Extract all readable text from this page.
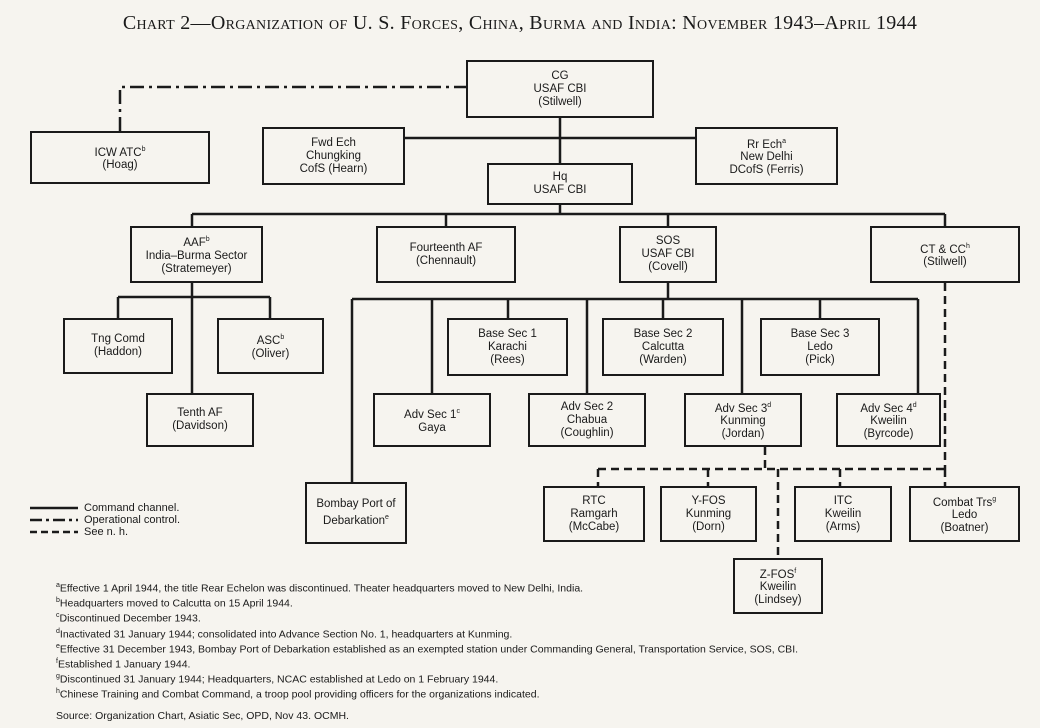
Chart 2—Organization of U. S. Forces, China, Burma and India: November 1943–April 1944
CG
USAF CBI
(Stilwell)
ICW ATC$^b$
(Hoag)
Fwd Ech
Chungking
CofS (Hearn)
Rr Ech$^a$
New Delhi
DCofS (Ferris)
Hq
USAF CBI
AAF$^b$
India–Burma Sector
(Stratemeyer)
Fourteenth AF
(Chennault)
SOS
USAF CBI
(Covell)
CT & $CC^h$
(Stilwell)
Tng Comd
(Haddon)
ASC$^b$
(Oliver)
Tenth AF
(Davidson)
Base Sec 1
Karachi
(Rees)
Base Sec 2
Calcutta
(Warden)
Base Sec 3
Ledo
(Pick)
Adv Sec 1$^c$
Gaya
Adv Sec 2
Chabua
(Coughlin)
Adv Sec 3$^d$
Kunming
(Jordan)
Adv Sec 4$^d$
Kweilin
(Byrcode)
Bombay Port of
Debarkation$^e$
RTC
Ramgarh
(McCabe)
Y-FOS
Kunming
(Dorn)
ITC
Kweilin
(Arms)
Combat Trs$^g$
Ledo
(Boatner)
Z-FOS$^f$
Kweilin
(Lindsey)
Command channel.
Operational control.
See n. h.
$^a$Effective 1 April 1944, the title Rear Echelon was discontinued. Theater headquarters moved to New Delhi, India.
$^b$Headquarters moved to Calcutta on 15 April 1944.
$^c$Discontinued December 1943.
$^d$Inactivated 31 January 1944; consolidated into Advance Section No. 1, headquarters at Kunming.
$^e$Effective 31 December 1943, Bombay Port of Debarkation established as an exempted station under Commanding General, Transportation Service, SOS, CBI.
$^f$Established 1 January 1944.
$^g$Discontinued 31 January 1944; Headquarters, NCAC established at Ledo on 1 February 1944.
$^h$Chinese Training and Combat Command, a troop pool providing officers for the organizations indicated.
Source: Organization Chart, Asiatic Sec, OPD, Nov 43. OCMH.
